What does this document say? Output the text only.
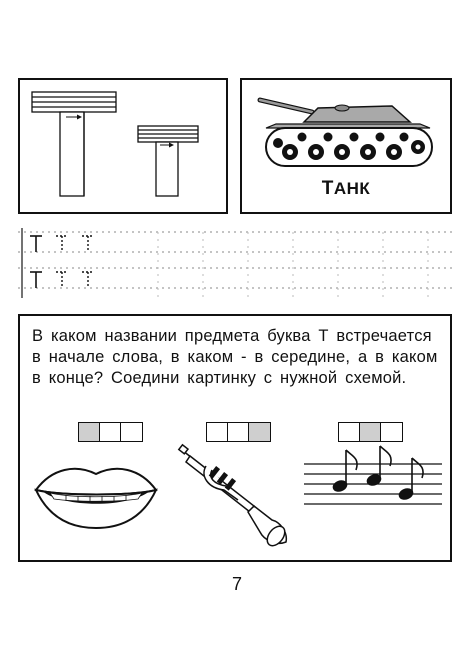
ТАНК
В каком названии предмета буква Т встречается в начале слова, в каком - в середине, а в каком в конце? Соедини картинку с нужной схемой.
7
